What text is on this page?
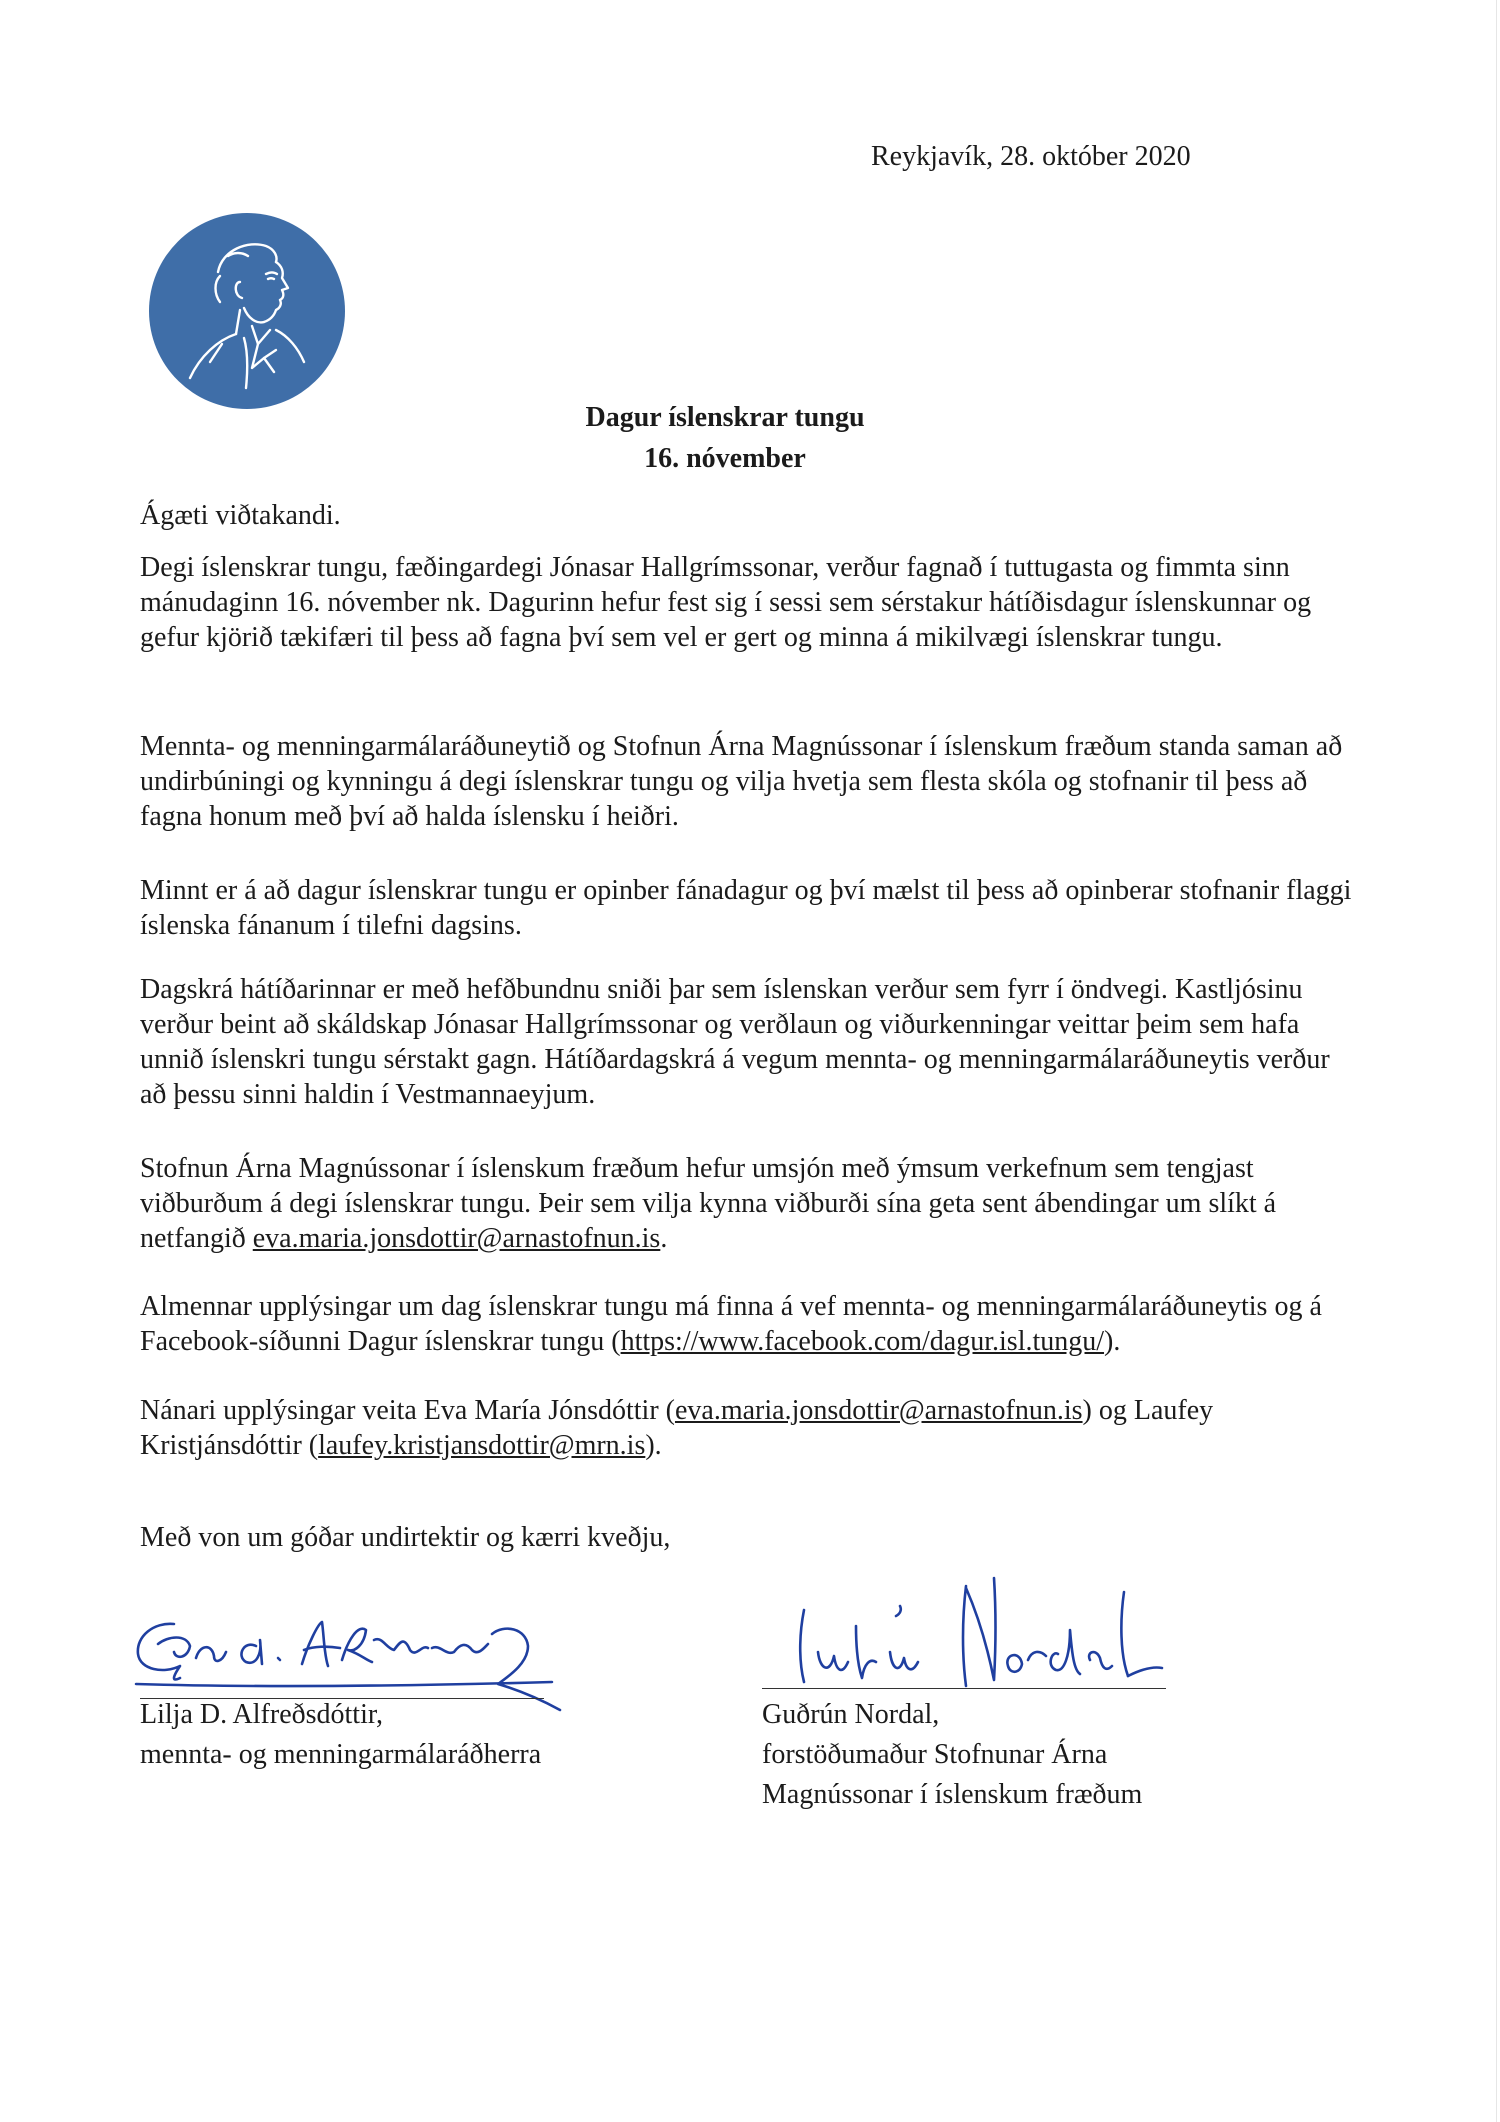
Reykjavík, 28. október 2020
Dagur íslenskrar tungu
16. nóvember
Ágæti viðtakandi.

Degi íslenskrar tungu, fæðingardegi Jónasar Hallgrímssonar, verður fagnað í tuttugasta og fimmta sinn mánudaginn 16. nóvember nk. Dagurinn hefur fest sig í sessi sem sérstakur hátíðisdagur íslenskunnar og gefur kjörið tækifæri til þess að fagna því sem vel er gert og minna á mikilvægi íslenskrar tungu.

Mennta- og menningarmálaráðuneytið og Stofnun Árna Magnússonar í íslenskum fræðum standa saman að undirbúningi og kynningu á degi íslenskrar tungu og vilja hvetja sem flesta skóla og stofnanir til þess að fagna honum með því að halda íslensku í heiðri.

Minnt er á að dagur íslenskrar tungu er opinber fánadagur og því mælst til þess að opinberar stofnanir flaggi íslenska fánanum í tilefni dagsins.

Dagskrá hátíðarinnar er með hefðbundnu sniði þar sem íslenskan verður sem fyrr í öndvegi. Kastljósinu verður beint að skáldskap Jónasar Hallgrímssonar og verðlaun og viðurkenningar veittar þeim sem hafa unnið íslenskri tungu sérstakt gagn. Hátíðardagskrá á vegum mennta- og menningarmálaráðuneytis verður að þessu sinni haldin í Vestmannaeyjum.

Stofnun Árna Magnússonar í íslenskum fræðum hefur umsjón með ýmsum verkefnum sem tengjast viðburðum á degi íslenskrar tungu. Þeir sem vilja kynna viðburði sína geta sent ábendingar um slíkt á netfangið eva.maria.jonsdottir@arnastofnun.is.

Almennar upplýsingar um dag íslenskrar tungu má finna á vef mennta- og menningarmálaráðuneytis og á Facebook-síðunni Dagur íslenskrar tungu (https://www.facebook.com/dagur.isl.tungu/).

Nánari upplýsingar veita Eva María Jónsdóttir (eva.maria.jonsdottir@arnastofnun.is) og Laufey Kristjánsdóttir (laufey.kristjansdottir@mrn.is).

Með von um góðar undirtektir og kærri kveðju,
Lilja D. Alfreðsdóttir,
mennta- og menningarmálaráðherra
Guðrún Nordal,
forstöðumaður Stofnunar Árna
Magnússonar í íslenskum fræðum
